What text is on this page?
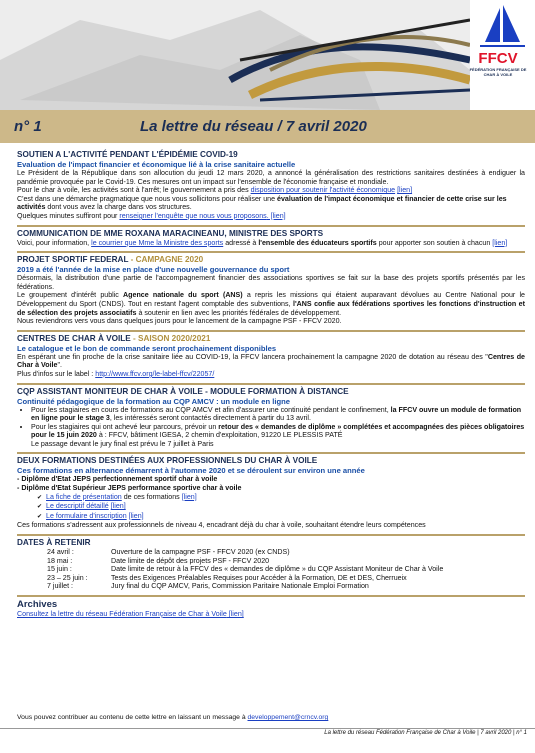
FFCV
FÉDÉRATION FRANÇAISE DE CHAR À VOILE
n° 1	La lettre du réseau / 7 avril 2020
SOUTIEN A L'ACTIVITÉ PENDANT L'ÉPIDÉMIE COVID-19
Evaluation de l'impact financier et économique lié à la crise sanitaire actuelle
Le Président de la République dans son allocution du jeudi 12 mars 2020, a annoncé la généralisation des restrictions sanitaires destinées à endiguer la pandémie provoquée par le Covid-19. Ces mesures ont un impact sur l'ensemble de l'économie française et mondiale.
Pour le char à voile, les activités sont à l'arrêt; le gouvernement a pris des disposition pour soutenir l'activité économique [lien]
C'est dans une démarche pragmatique que nous vous sollicitons pour réaliser une évaluation de l'impact économique et financier de cette crise sur les activités dont vous avez la charge dans vos structures.
Quelques minutes suffiront pour renseigner l'enquête que nous vous proposons. [lien]
COMMUNICATION DE MME ROXANA MARACINEANU, MINISTRE DES SPORTS
Voici, pour information, le courrier que Mme la Ministre des sports adressé à l'ensemble des éducateurs sportifs pour apporter son soutien à chacun [lien]
PROJET SPORTIF FEDERAL - CAMPAGNE 2020
2019 a été l'année de la mise en place d'une nouvelle gouvernance du sport
Désormais, la distribution d'une partie de l'accompagnement financier des associations sportives se fait sur la base des projets sportifs présentés par les fédérations.
Le groupement d'intérêt public Agence nationale du sport (ANS) a repris les missions qui étaient auparavant dévolues au Centre National pour le Développement du Sport (CNDS). Tout en restant l'agent comptable des subventions, l'ANS confie aux fédérations sportives les fonctions d'instruction et de sélection des projets associatifs à soutenir en lien avec les priorités fédérales de développement.
Nous reviendrons vers vous dans quelques jours pour le lancement de la campagne PSF - FFCV 2020.
CENTRES DE CHAR À VOILE - SAISON 2020/2021
Le catalogue et le bon de commande seront prochainement disponibles
En espérant une fin proche de la crise sanitaire liée au COVID-19, la FFCV lancera prochainement la campagne 2020 de dotation au réseau des "Centres de Char à Voile".
Plus d'infos sur le label : http://www.ffcv.org/le-label-ffcv/22057/
CQP ASSISTANT MONITEUR DE CHAR À VOILE - MODULE FORMATION À DISTANCE
Continuité pédagogique de la formation au CQP AMCV : un module en ligne
• Pour les stagiaires en cours de formations au CQP AMCV et afin d'assurer une continuité pendant le confinement, la FFCV ouvre un module de formation en ligne pour le stage 3, les intéressés seront contactés directement à partir du 13 avril.
• Pour les stagiaires qui ont achevé leur parcours, prévoir un retour des « demandes de diplôme » complétées et accompagnées des pièces obligatoires pour le 15 juin 2020 à : FFCV, bâtiment IGESA, 2 chemin d'exploitation, 91220 LE PLESSIS PATÉ
Le passage devant le jury final est prévu le 7 juillet à Paris
DEUX FORMATIONS DESTINÉES AUX PROFESSIONNELS DU CHAR À VOILE
Ces formations en alternance démarrent à l'automne 2020 et se déroulent sur environ une année
- Diplôme d'Etat JEPS perfectionnement sportif char à voile
- Diplôme d'Etat Supérieur JEPS performance sportive char à voile
✔ La fiche de présentation de ces formations [lien]
✔ Le descriptif détaillé [lien]
✔ Le formulaire d'inscription [lien]
Ces formations s'adressent aux professionnels de niveau 4, encadrant déjà du char à voile, souhaitant étendre leurs compétences
DATES À RETENIR
24 avril :	Ouverture de la campagne PSF - FFCV 2020 (ex CNDS)
18 mai :	Date limite de dépôt des projets PSF - FFCV 2020
15 juin :	Date limite de retour à la FFCV des « demandes de diplôme » du CQP Assistant Moniteur de Char à Voile
23 – 25 juin :	Tests des Exigences Préalables Requises pour Accéder à la Formation, DE et DES, Cherrueix
7 juillet :	Jury final du CQP AMCV, Paris, Commission Paritaire Nationale Emploi Formation
Archives
Consultez la lettre du réseau Fédération Française de Char à Voile [lien]
Vous pouvez contribuer au contenu de cette lettre en laissant un message à developpement@crncv.org
La lettre du réseau Fédération Française de Char à Voile | 7 avril 2020 | n° 1
